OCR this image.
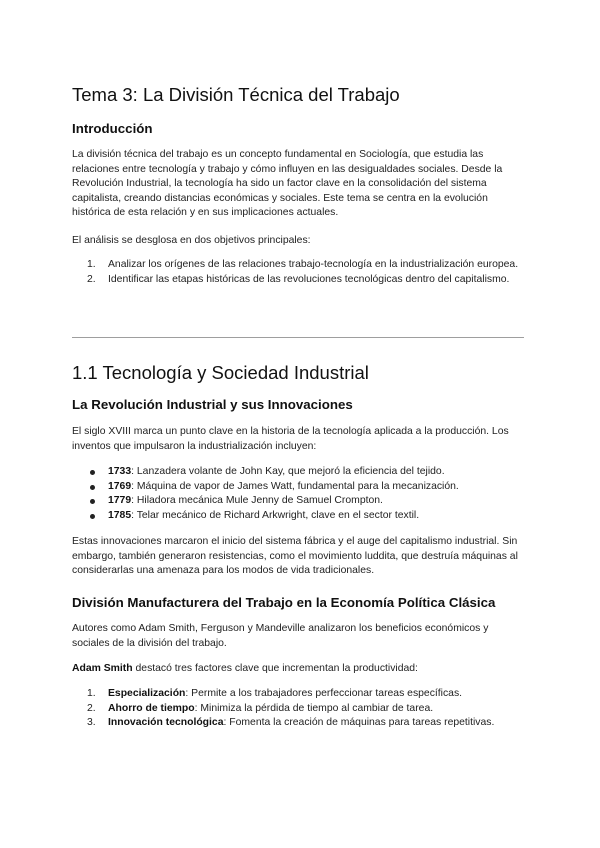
Tema 3: La División Técnica del Trabajo
Introducción

La división técnica del trabajo es un concepto fundamental en Sociología, que estudia las relaciones entre tecnología y trabajo y cómo influyen en las desigualdades sociales. Desde la Revolución Industrial, la tecnología ha sido un factor clave en la consolidación del sistema capitalista, creando distancias económicas y sociales. Este tema se centra en la evolución histórica de esta relación y en sus implicaciones actuales.

El análisis se desglosa en dos objetivos principales:

1.	Analizar los orígenes de las relaciones trabajo-tecnología en la industrialización europea.
2.	Identificar las etapas históricas de las revoluciones tecnológicas dentro del capitalismo.
1.1 Tecnología y Sociedad Industrial
La Revolución Industrial y sus Innovaciones

El siglo XVIII marca un punto clave en la historia de la tecnología aplicada a la producción. Los inventos que impulsaron la industrialización incluyen:

1733: Lanzadera volante de John Kay, que mejoró la eficiencia del tejido.
1769: Máquina de vapor de James Watt, fundamental para la mecanización.
1779: Hiladora mecánica Mule Jenny de Samuel Crompton.
1785: Telar mecánico de Richard Arkwright, clave en el sector textil.

Estas innovaciones marcaron el inicio del sistema fábrica y el auge del capitalismo industrial. Sin embargo, también generaron resistencias, como el movimiento luddita, que destruía máquinas al considerarlas una amenaza para los modos de vida tradicionales.

División Manufacturera del Trabajo en la Economía Política Clásica

Autores como Adam Smith, Ferguson y Mandeville analizaron los beneficios económicos y sociales de la división del trabajo.

Adam Smith destacó tres factores clave que incrementan la productividad:

1.	Especialización: Permite a los trabajadores perfeccionar tareas específicas.
2.	Ahorro de tiempo: Minimiza la pérdida de tiempo al cambiar de tarea.
3.	Innovación tecnológica: Fomenta la creación de máquinas para tareas repetitivas.
